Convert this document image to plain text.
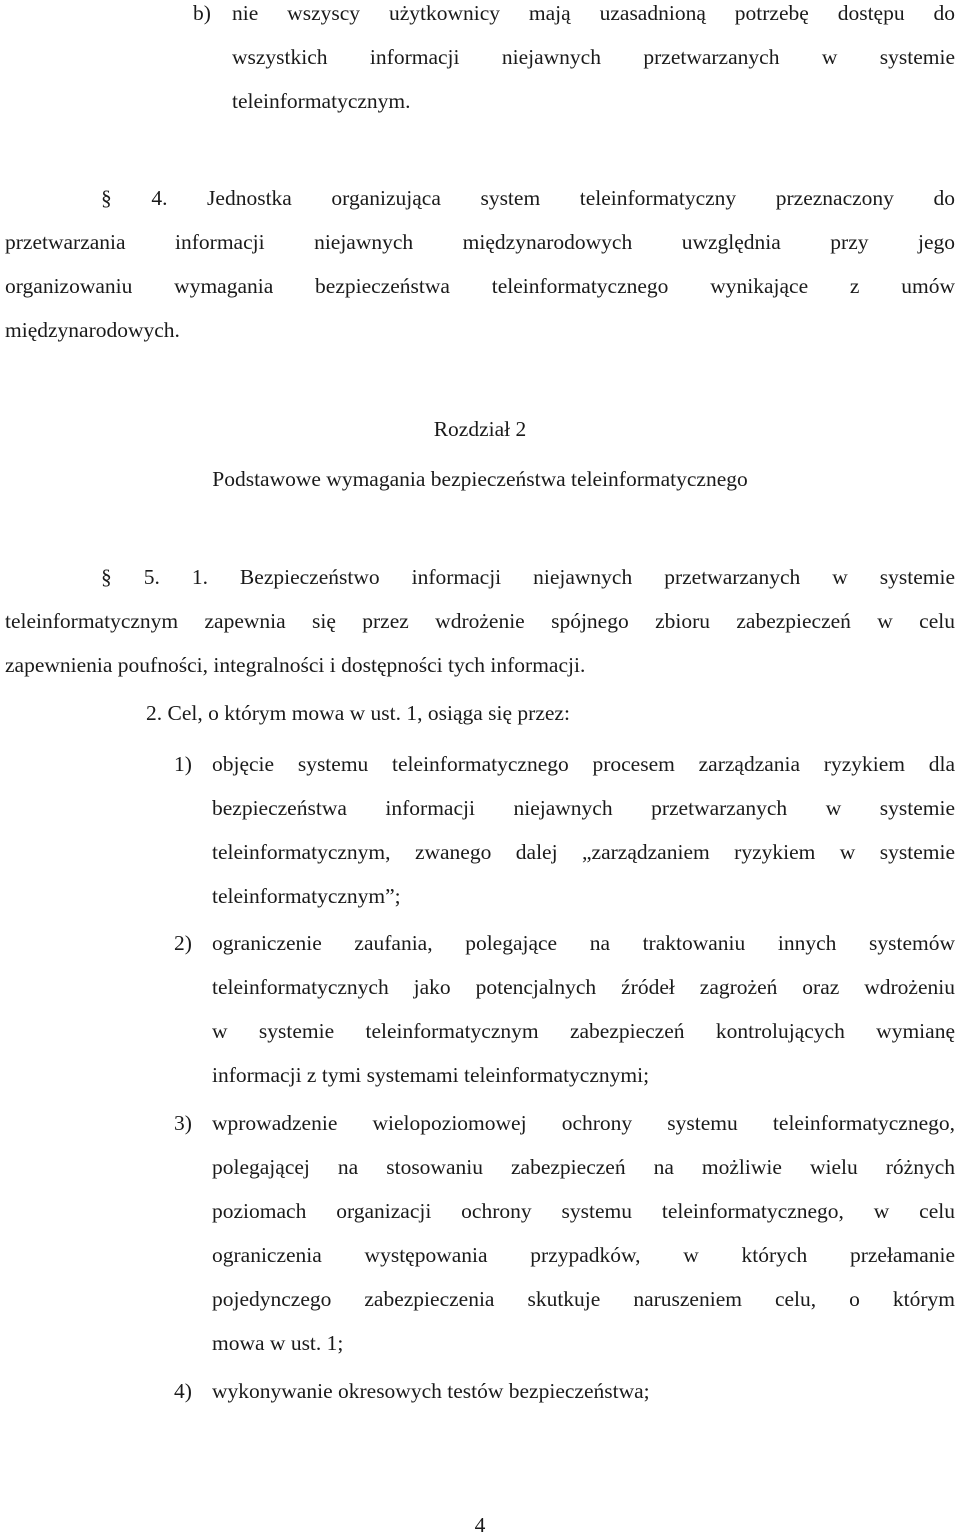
b) nie wszyscy użytkownicy mają uzasadnioną potrzebę dostępu do
wszystkich informacji niejawnych przetwarzanych w systemie
teleinformatycznym.
§ 4. Jednostka organizująca system teleinformatyczny przeznaczony do
przetwarzania informacji niejawnych międzynarodowych uwzględnia przy jego
organizowaniu wymagania bezpieczeństwa teleinformatycznego wynikające z umów
międzynarodowych.

Rozdział 2

Podstawowe wymagania bezpieczeństwa teleinformatycznego

§ 5. 1. Bezpieczeństwo informacji niejawnych przetwarzanych w systemie
teleinformatycznym zapewnia się przez wdrożenie spójnego zbioru zabezpieczeń w celu
zapewnienia poufności, integralności i dostępności tych informacji.

2. Cel, o którym mowa w ust. 1, osiąga się przez:

1) objęcie systemu teleinformatycznego procesem zarządzania ryzykiem dla
bezpieczeństwa informacji niejawnych przetwarzanych w systemie
teleinformatycznym, zwanego dalej „zarządzaniem ryzykiem w systemie
teleinformatycznym”;
2) ograniczenie zaufania, polegające na traktowaniu innych systemów
teleinformatycznych jako potencjalnych źródeł zagrożeń oraz wdrożeniu
w systemie teleinformatycznym zabezpieczeń kontrolujących wymianę
informacji z tymi systemami teleinformatycznymi;
3) wprowadzenie wielopoziomowej ochrony systemu teleinformatycznego,
polegającej na stosowaniu zabezpieczeń na możliwie wielu różnych
poziomach organizacji ochrony systemu teleinformatycznego, w celu
ograniczenia występowania przypadków, w których przełamanie
pojedynczego zabezpieczenia skutkuje naruszeniem celu, o którym
mowa w ust. 1;
4) wykonywanie okresowych testów bezpieczeństwa;

4
